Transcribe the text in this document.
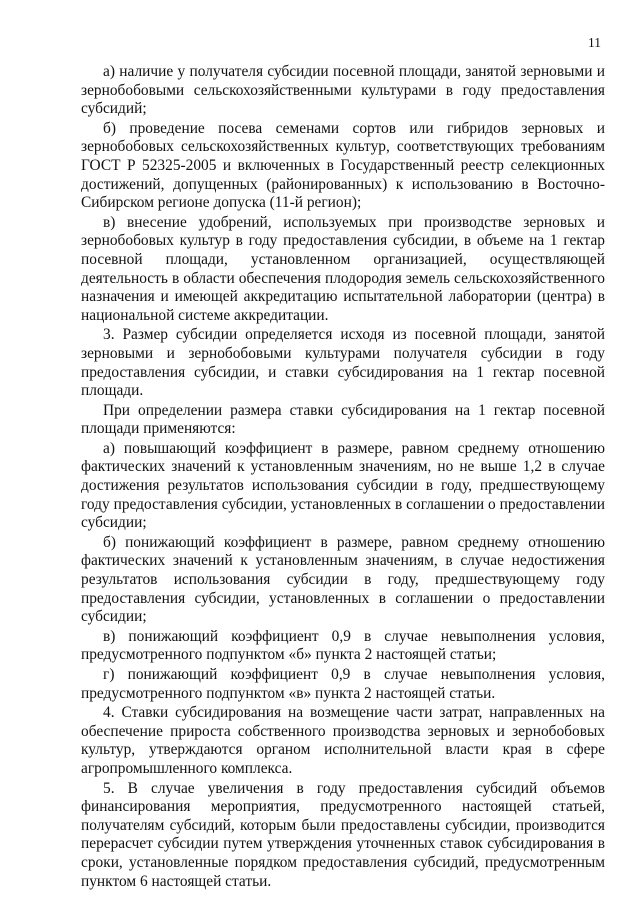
11

а) наличие у получателя субсидии посевной площади, занятой зерновыми и зернобобовыми сельскохозяйственными культурами в году предоставления субсидий;

б) проведение посева семенами сортов или гибридов зерновых и зернобобовых сельскохозяйственных культур, соответствующих требованиям ГОСТ Р 52325-2005 и включенных в Государственный реестр селекционных достижений, допущенных (районированных) к использованию в Восточно-Сибирском регионе допуска (11-й регион);

в) внесение удобрений, используемых при производстве зерновых и зернобобовых культур в году предоставления субсидии, в объеме на 1 гектар посевной площади, установленном организацией, осуществляющей деятельность в области обеспечения плодородия земель сельскохозяйственного назначения и имеющей аккредитацию испытательной лаборатории (центра) в национальной системе аккредитации.

3. Размер субсидии определяется исходя из посевной площади, занятой зерновыми и зернобобовыми культурами получателя субсидии в году предоставления субсидии, и ставки субсидирования на 1 гектар посевной площади.

При определении размера ставки субсидирования на 1 гектар посевной площади применяются:

а) повышающий коэффициент в размере, равном среднему отношению фактических значений к установленным значениям, но не выше 1,2 в случае достижения результатов использования субсидии в году, предшествующему году предоставления субсидии, установленных в соглашении о предоставлении субсидии;

б) понижающий коэффициент в размере, равном среднему отношению фактических значений к установленным значениям, в случае недостижения результатов использования субсидии в году, предшествующему году предоставления субсидии, установленных в соглашении о предоставлении субсидии;

в) понижающий коэффициент 0,9 в случае невыполнения условия, предусмотренного подпунктом «б» пункта 2 настоящей статьи;

г) понижающий коэффициент 0,9 в случае невыполнения условия, предусмотренного подпунктом «в» пункта 2 настоящей статьи.

4. Ставки субсидирования на возмещение части затрат, направленных на обеспечение прироста собственного производства зерновых и зернобобовых культур, утверждаются органом исполнительной власти края в сфере агропромышленного комплекса.

5. В случае увеличения в году предоставления субсидий объемов финансирования мероприятия, предусмотренного настоящей статьей, получателям субсидий, которым были предоставлены субсидии, производится перерасчет субсидии путем утверждения уточненных ставок субсидирования в сроки, установленные порядком предоставления субсидий, предусмотренным пунктом 6 настоящей статьи.
